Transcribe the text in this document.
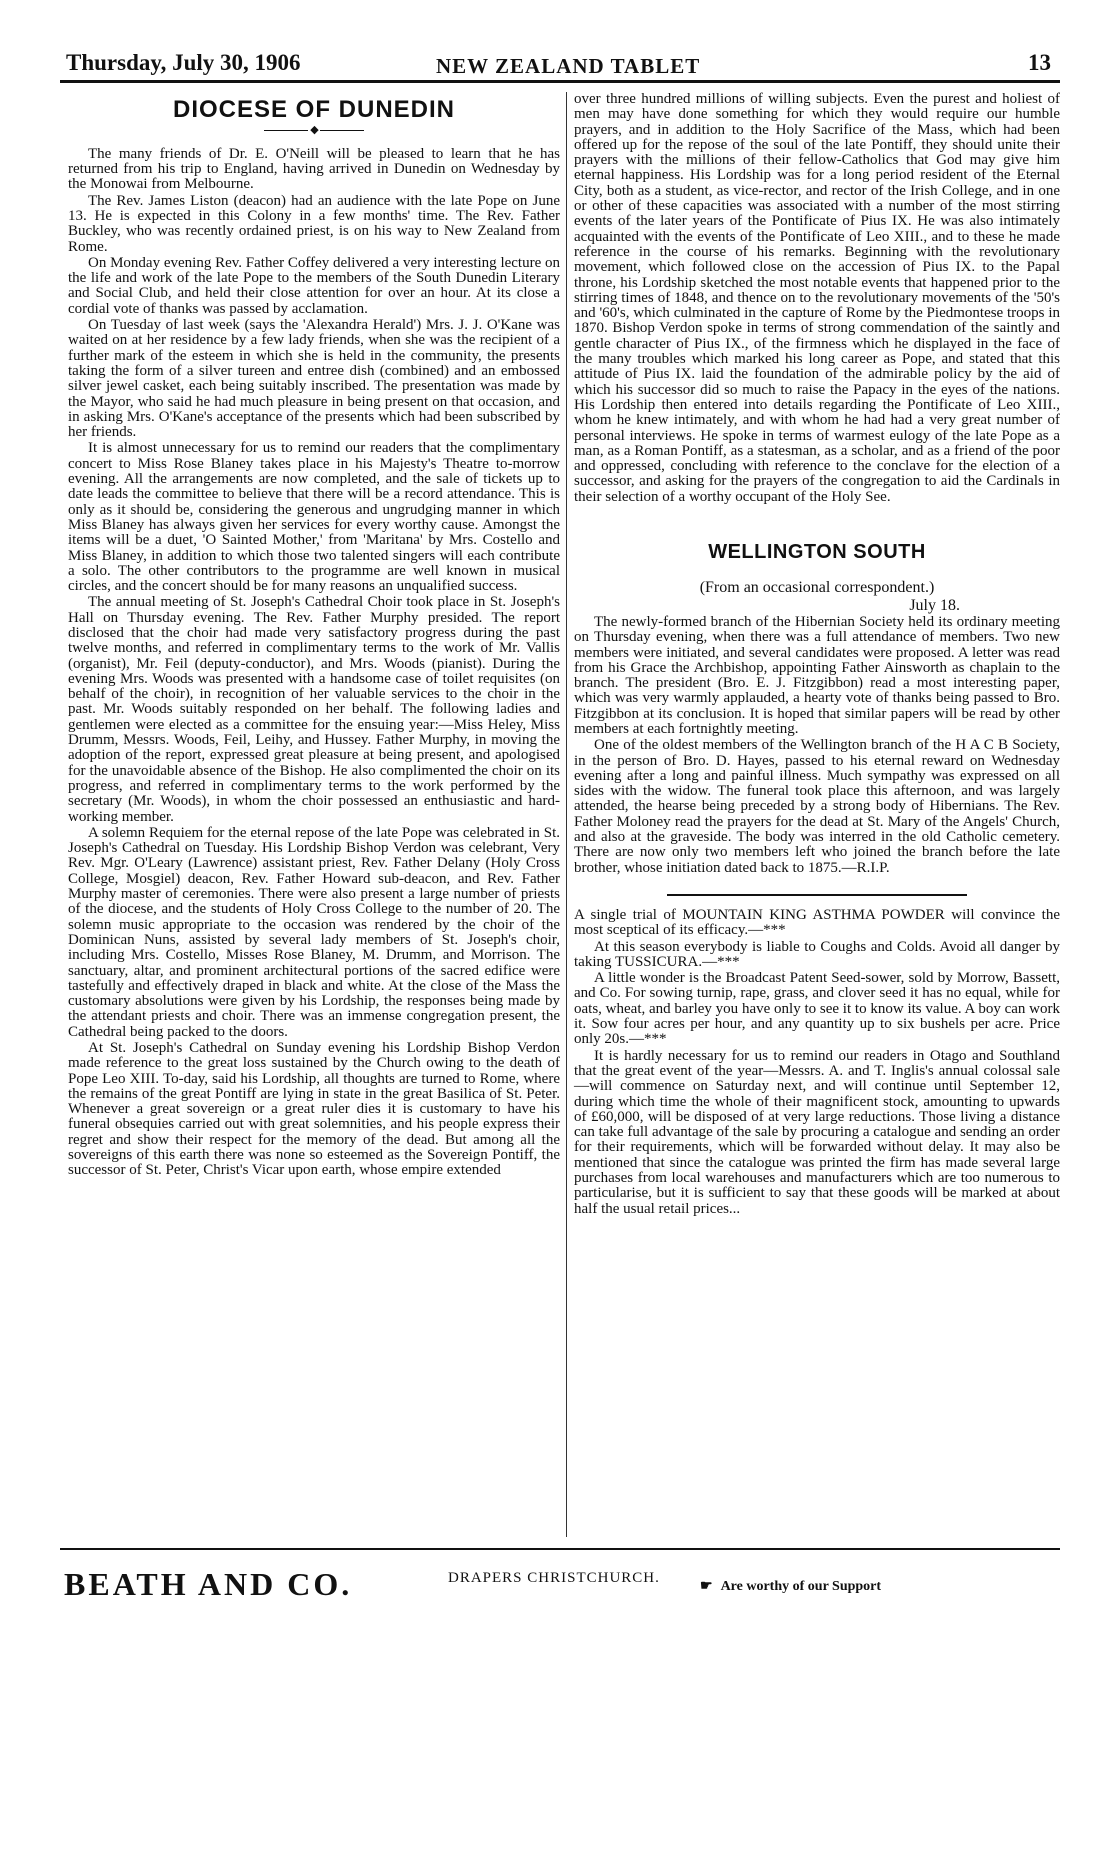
Thursday, July 30, 1906	NEW ZEALAND TABLET	13
DIOCESE OF DUNEDIN
◆

The many friends of Dr. E. O'Neill will be pleased to learn that he has returned from his trip to England, having arrived in Dunedin on Wednesday by the Monowai from Melbourne.

The Rev. James Liston (deacon) had an audience with the late Pope on June 13. He is expected in this Colony in a few months' time. The Rev. Father Buckley, who was recently ordained priest, is on his way to New Zealand from Rome.

On Monday evening Rev. Father Coffey delivered a very interesting lecture on the life and work of the late Pope to the members of the South Dunedin Literary and Social Club, and held their close attention for over an hour. At its close a cordial vote of thanks was passed by acclamation.

On Tuesday of last week (says the 'Alexandra Herald') Mrs. J. J. O'Kane was waited on at her residence by a few lady friends, when she was the recipient of a further mark of the esteem in which she is held in the community, the presents taking the form of a silver tureen and entree dish (combined) and an embossed silver jewel casket, each being suitably inscribed. The presentation was made by the Mayor, who said he had much pleasure in being present on that occasion, and in asking Mrs. O'Kane's acceptance of the presents which had been subscribed by her friends.

It is almost unnecessary for us to remind our readers that the complimentary concert to Miss Rose Blaney takes place in his Majesty's Theatre to-morrow evening. All the arrangements are now completed, and the sale of tickets up to date leads the committee to believe that there will be a record attendance. This is only as it should be, considering the generous and ungrudging manner in which Miss Blaney has always given her services for every worthy cause. Amongst the items will be a duet, 'O Sainted Mother,' from 'Maritana' by Mrs. Costello and Miss Blaney, in addition to which those two talented singers will each contribute a solo. The other contributors to the programme are well known in musical circles, and the concert should be for many reasons an unqualified success.

The annual meeting of St. Joseph's Cathedral Choir took place in St. Joseph's Hall on Thursday evening. The Rev. Father Murphy presided. The report disclosed that the choir had made very satisfactory progress during the past twelve months, and referred in complimentary terms to the work of Mr. Vallis (organist), Mr. Feil (deputy-conductor), and Mrs. Woods (pianist). During the evening Mrs. Woods was presented with a handsome case of toilet requisites (on behalf of the choir), in recognition of her valuable services to the choir in the past. Mr. Woods suitably responded on her behalf. The following ladies and gentlemen were elected as a committee for the ensuing year:—Miss Heley, Miss Drumm, Messrs. Woods, Feil, Leihy, and Hussey. Father Murphy, in moving the adoption of the report, expressed great pleasure at being present, and apologised for the unavoidable absence of the Bishop. He also complimented the choir on its progress, and referred in complimentary terms to the work performed by the secretary (Mr. Woods), in whom the choir possessed an enthusiastic and hard-working member.

A solemn Requiem for the eternal repose of the late Pope was celebrated in St. Joseph's Cathedral on Tuesday. His Lordship Bishop Verdon was celebrant, Very Rev. Mgr. O'Leary (Lawrence) assistant priest, Rev. Father Delany (Holy Cross College, Mosgiel) deacon, Rev. Father Howard sub-deacon, and Rev. Father Murphy master of ceremonies. There were also present a large number of priests of the diocese, and the students of Holy Cross College to the number of 20. The solemn music appropriate to the occasion was rendered by the choir of the Dominican Nuns, assisted by several lady members of St. Joseph's choir, including Mrs. Costello, Misses Rose Blaney, M. Drumm, and Morrison. The sanctuary, altar, and prominent architectural portions of the sacred edifice were tastefully and effectively draped in black and white. At the close of the Mass the customary absolutions were given by his Lordship, the responses being made by the attendant priests and choir. There was an immense congregation present, the Cathedral being packed to the doors.

At St. Joseph's Cathedral on Sunday evening his Lordship Bishop Verdon made reference to the great loss sustained by the Church owing to the death of Pope Leo XIII. To-day, said his Lordship, all thoughts are turned to Rome, where the remains of the great Pontiff are lying in state in the great Basilica of St. Peter. Whenever a great sovereign or a great ruler dies it is customary to have his funeral obsequies carried out with great solemnities, and his people express their regret and show their respect for the memory of the dead. But among all the sovereigns of this earth there was none so esteemed as the Sovereign Pontiff, the successor of St. Peter, Christ's Vicar upon earth, whose empire extended

over three hundred millions of willing subjects. Even the purest and holiest of men may have done something for which they would require our humble prayers, and in addition to the Holy Sacrifice of the Mass, which had been offered up for the repose of the soul of the late Pontiff, they should unite their prayers with the millions of their fellow-Catholics that God may give him eternal happiness. His Lordship was for a long period resident of the Eternal City, both as a student, as vice-rector, and rector of the Irish College, and in one or other of these capacities was associated with a number of the most stirring events of the later years of the Pontificate of Pius IX. He was also intimately acquainted with the events of the Pontificate of Leo XIII., and to these he made reference in the course of his remarks. Beginning with the revolutionary movement, which followed close on the accession of Pius IX. to the Papal throne, his Lordship sketched the most notable events that happened prior to the stirring times of 1848, and thence on to the revolutionary movements of the '50's and '60's, which culminated in the capture of Rome by the Piedmontese troops in 1870. Bishop Verdon spoke in terms of strong commendation of the saintly and gentle character of Pius IX., of the firmness which he displayed in the face of the many troubles which marked his long career as Pope, and stated that this attitude of Pius IX. laid the foundation of the admirable policy by the aid of which his successor did so much to raise the Papacy in the eyes of the nations. His Lordship then entered into details regarding the Pontificate of Leo XIII., whom he knew intimately, and with whom he had had a very great number of personal interviews. He spoke in terms of warmest eulogy of the late Pope as a man, as a Roman Pontiff, as a statesman, as a scholar, and as a friend of the poor and oppressed, concluding with reference to the conclave for the election of a successor, and asking for the prayers of the congregation to aid the Cardinals in their selection of a worthy occupant of the Holy See.

WELLINGTON SOUTH
(From an occasional correspondent.)
July 18.

The newly-formed branch of the Hibernian Society held its ordinary meeting on Thursday evening, when there was a full attendance of members. Two new members were initiated, and several candidates were proposed. A letter was read from his Grace the Archbishop, appointing Father Ainsworth as chaplain to the branch. The president (Bro. E. J. Fitzgibbon) read a most interesting paper, which was very warmly applauded, a hearty vote of thanks being passed to Bro. Fitzgibbon at its conclusion. It is hoped that similar papers will be read by other members at each fortnightly meeting.

One of the oldest members of the Wellington branch of the H A C B Society, in the person of Bro. D. Hayes, passed to his eternal reward on Wednesday evening after a long and painful illness. Much sympathy was expressed on all sides with the widow. The funeral took place this afternoon, and was largely attended, the hearse being preceded by a strong body of Hibernians. The Rev. Father Moloney read the prayers for the dead at St. Mary of the Angels' Church, and also at the graveside. The body was interred in the old Catholic cemetery. There are now only two members left who joined the branch before the late brother, whose initiation dated back to 1875.—R.I.P.

A single trial of MOUNTAIN KING ASTHMA POWDER will convince the most sceptical of its efficacy.—***

At this season everybody is liable to Coughs and Colds. Avoid all danger by taking TUSSICURA.—***

A little wonder is the Broadcast Patent Seed-sower, sold by Morrow, Bassett, and Co. For sowing turnip, rape, grass, and clover seed it has no equal, while for oats, wheat, and barley you have only to see it to know its value. A boy can work it. Sow four acres per hour, and any quantity up to six bushels per acre. Price only 20s.—***

It is hardly necessary for us to remind our readers in Otago and Southland that the great event of the year—Messrs. A. and T. Inglis's annual colossal sale—will commence on Saturday next, and will continue until September 12, during which time the whole of their magnificent stock, amounting to upwards of £60,000, will be disposed of at very large reductions. Those living a distance can take full advantage of the sale by procuring a catalogue and sending an order for their requirements, which will be forwarded without delay. It may also be mentioned that since the catalogue was printed the firm has made several large purchases from local warehouses and manufacturers which are too numerous to particularise, but it is sufficient to say that these goods will be marked at about half the usual retail prices...

BEATH AND CO.	DRAPERS CHRISTCHURCH.
☛ Are worthy of our Support
